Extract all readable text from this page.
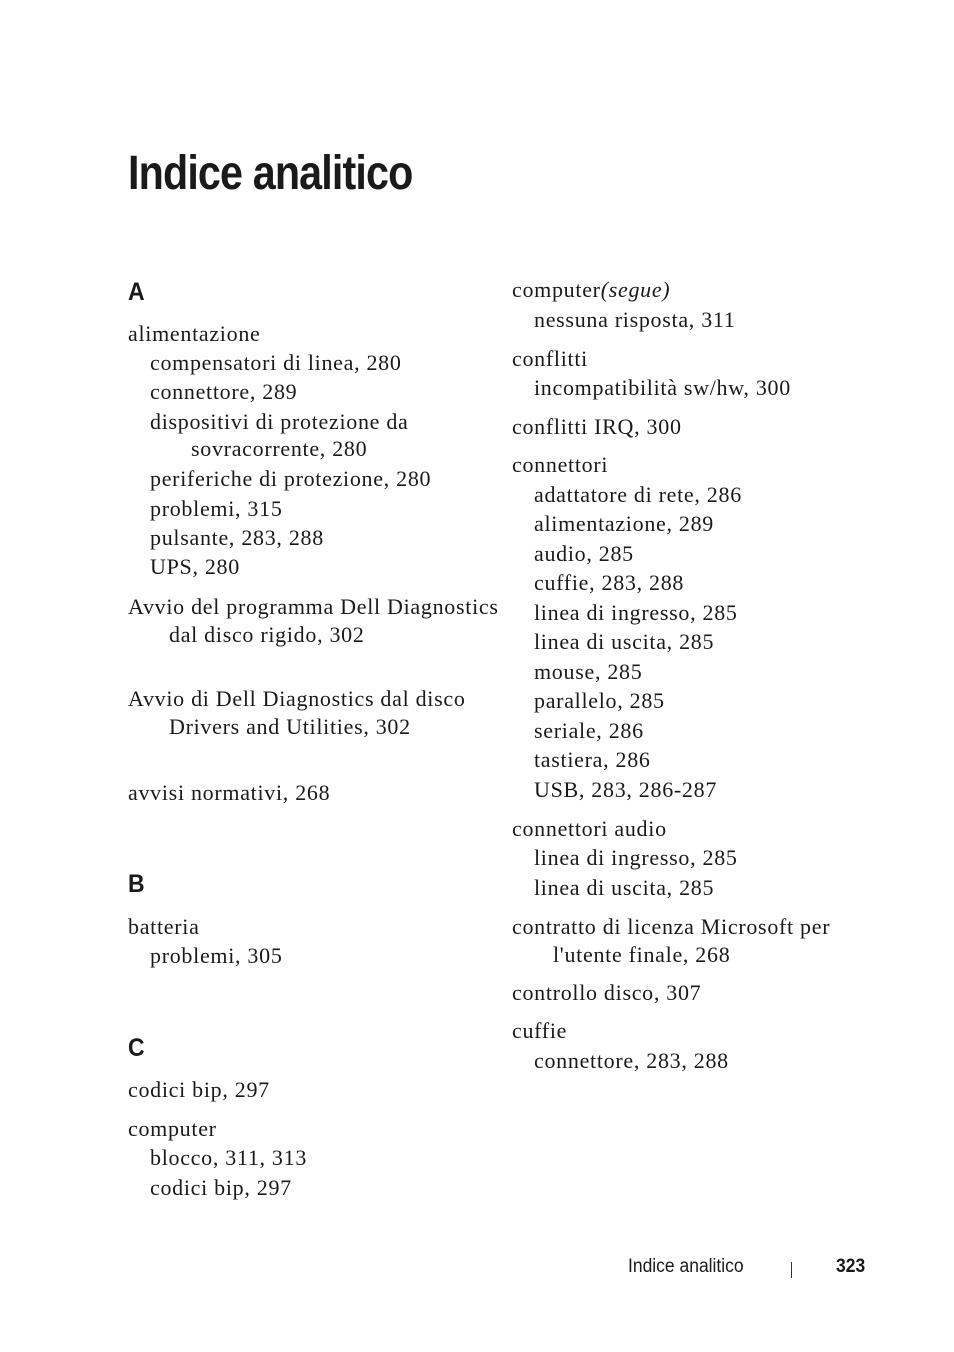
Indice analitico
A
alimentazione
compensatori di linea, 280
connettore, 289
dispositivi di protezione da sovracorrente, 280
periferiche di protezione, 280
problemi, 315
pulsante, 283, 288
UPS, 280
Avvio del programma Dell Diagnostics dal disco rigido, 302
Avvio di Dell Diagnostics dal disco Drivers and Utilities, 302
avvisi normativi, 268
B
batteria
problemi, 305
C
codici bip, 297
computer
blocco, 311, 313
codici bip, 297
computer(segue)
nessuna risposta, 311
conflitti
incompatibilità sw/hw, 300
conflitti IRQ, 300
connettori
adattatore di rete, 286
alimentazione, 289
audio, 285
cuffie, 283, 288
linea di ingresso, 285
linea di uscita, 285
mouse, 285
parallelo, 285
seriale, 286
tastiera, 286
USB, 283, 286-287
connettori audio
linea di ingresso, 285
linea di uscita, 285
contratto di licenza Microsoft per l'utente finale, 268
controllo disco, 307
cuffie
connettore, 283, 288
Indice analitico	323
